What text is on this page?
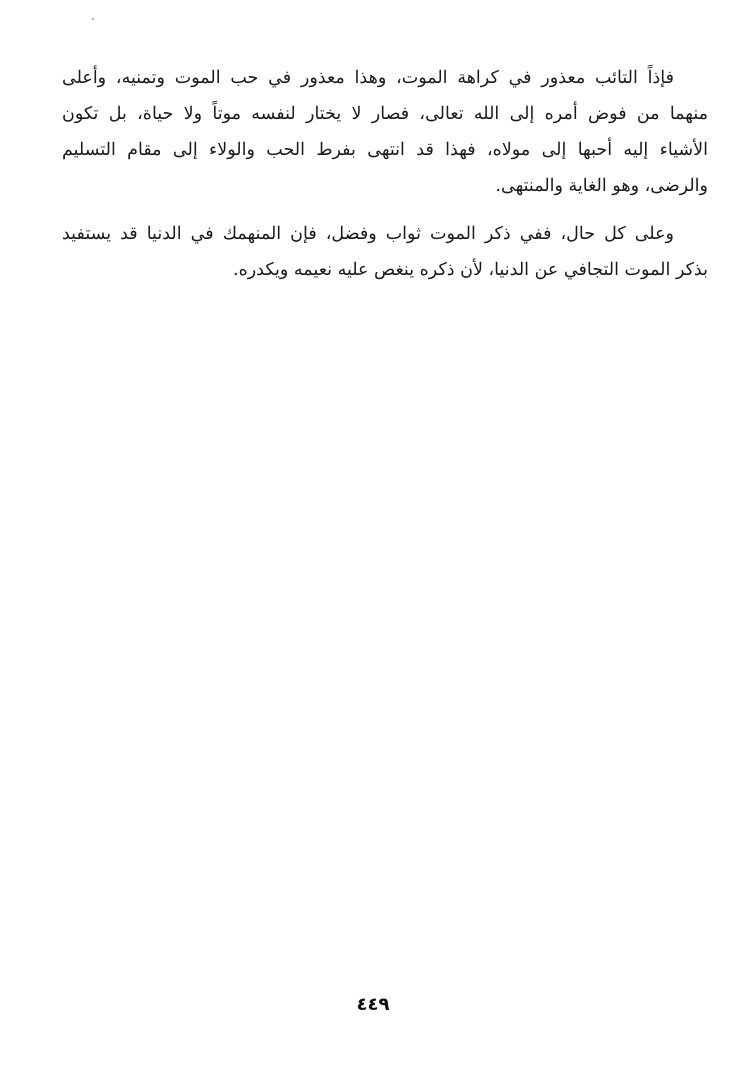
فإذاً التائب معذور في كراهة الموت، وهذا معذور في حب الموت وتمنيه، وأعلى
منهما من فوض أمره إلى الله تعالى، فصار لا يختار لنفسه موتاً ولا حياة، بل تكون
الأشياء إليه أحبها إلى مولاه، فهذا قد انتهى بفرط الحب والولاء إلى مقام التسليم
والرضى، وهو الغاية والمنتهى.
وعلى كل حال، ففي ذكر الموت ثواب وفضل، فإن المنهمك في الدنيا قد يستفيد
بذكر الموت التجافي عن الدنيا، لأن ذكره ينغص عليه نعيمه ويكدره.
٤٤٩
